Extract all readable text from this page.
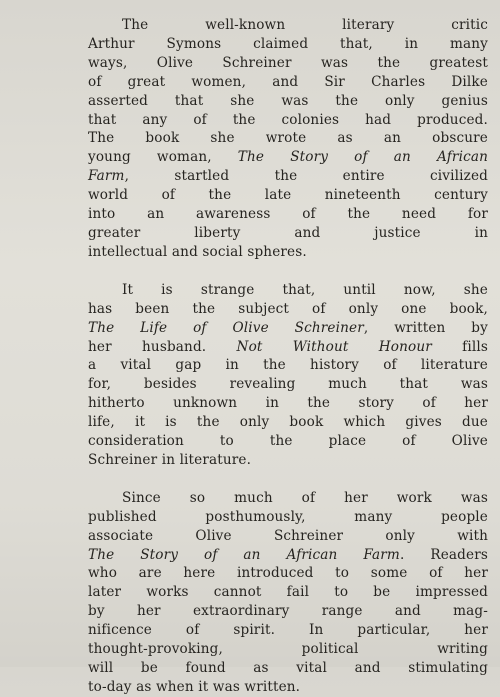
The well-known literary critic
Arthur Symons claimed that, in many
ways, Olive Schreiner was the greatest
of great women, and Sir Charles Dilke
asserted that she was the only genius
that any of the colonies had produced.
The book she wrote as an obscure
young woman, The Story of an African
Farm, startled the entire civilized
world of the late nineteenth century
into an awareness of the need for
greater liberty and justice in
intellectual and social spheres.

It is strange that, until now, she
has been the subject of only one book,
The Life of Olive Schreiner, written by
her husband. Not Without Honour fills
a vital gap in the history of literature
for, besides revealing much that was
hitherto unknown in the story of her
life, it is the only book which gives due
consideration to the place of Olive
Schreiner in literature.

Since so much of her work was
published posthumously, many people
associate Olive Schreiner only with
The Story of an African Farm. Readers
who are here introduced to some of her
later works cannot fail to be impressed
by her extraordinary range and mag-
nificence of spirit. In particular, her
thought-provoking, political writing
will be found as vital and stimulating
to-day as when it was written.
